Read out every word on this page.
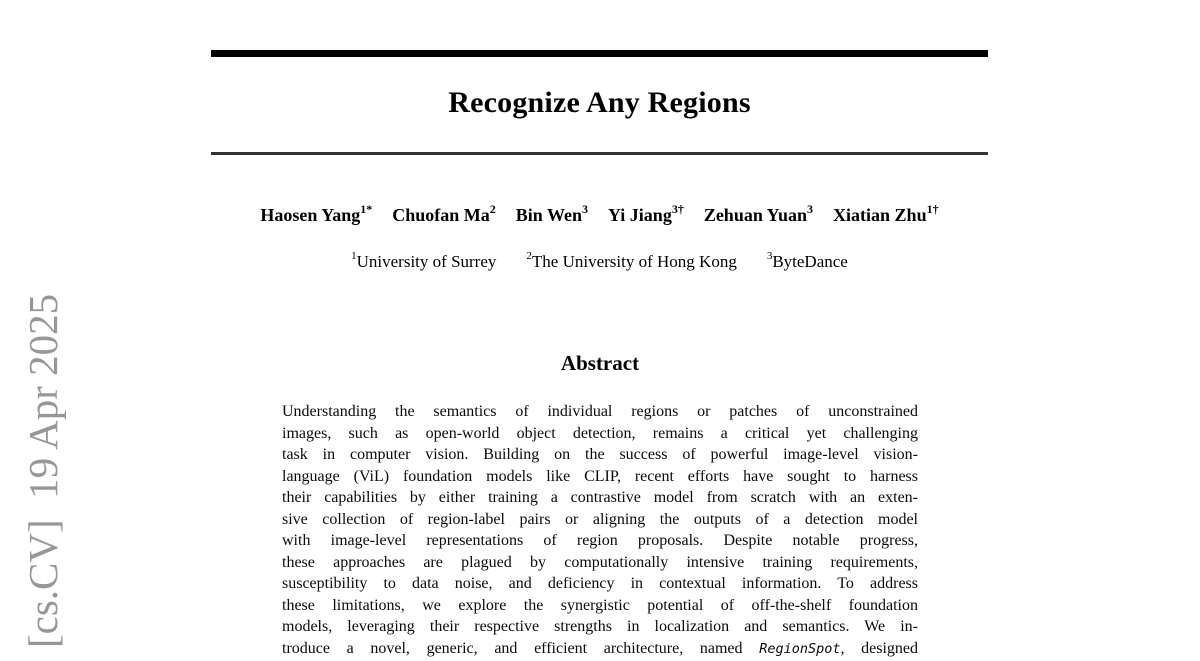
[cs.CV]  19 Apr 2025
Recognize Any Regions
Haosen Yang$^{1*}$ Chuofan Ma$^2$ Bin Wen$^3$ Yi Jiang$^{3\dagger}$ Zehuan Yuan$^3$ Xiatian Zhu$^{1\dagger}$
$^1$University of Surrey	$^2$The University of Hong Kong	$^3$ByteDance
Abstract
Understanding the semantics of individual regions or patches of unconstrained
images, such as open-world object detection, remains a critical yet challenging
task in computer vision. Building on the success of powerful image-level vision-
language (ViL) foundation models like CLIP, recent efforts have sought to harness
their capabilities by either training a contrastive model from scratch with an exten-
sive collection of region-label pairs or aligning the outputs of a detection model
with image-level representations of region proposals. Despite notable progress,
these approaches are plagued by computationally intensive training requirements,
susceptibility to data noise, and deficiency in contextual information. To address
these limitations, we explore the synergistic potential of off-the-shelf foundation
models, leveraging their respective strengths in localization and semantics. We in-
troduce a novel, generic, and efficient architecture, named RegionSpot, designed
